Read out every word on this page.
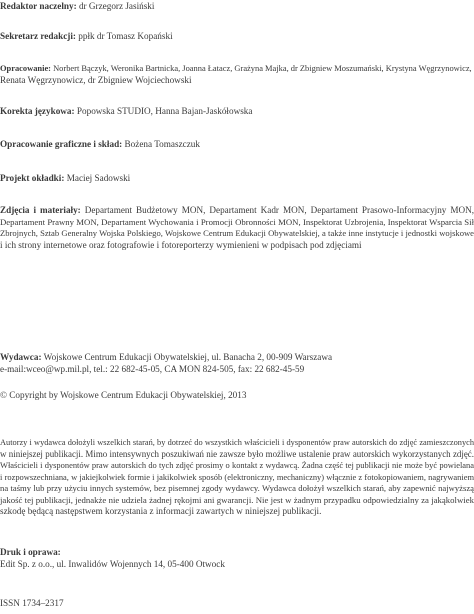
Redaktor naczelny: dr Grzegorz Jasiński

Sekretarz redakcji: ppłk dr Tomasz Kopański

Opracowanie: Norbert Bączyk, Weronika Bartnicka, Joanna Łatacz, Grażyna Majka, dr Zbigniew Moszumański, Krystyna Węgrzynowicz,

Renata Węgrzynowicz, dr Zbigniew Wojciechowski

Korekta językowa: Popowska STUDIO, Hanna Bajan-Jaskółowska

Opracowanie graficzne i skład: Bożena Tomaszczuk

Projekt okładki: Maciej Sadowski

Zdjęcia i materiały: Departament Budżetowy MON, Departament Kadr MON, Departament Prasowo-Informacyjny MON,
Departament Prawny MON, Departament Wychowania i Promocji Obronności MON, Inspektorat Uzbrojenia, Inspektorat Wsparcia Sił
Zbrojnych, Sztab Generalny Wojska Polskiego, Wojskowe Centrum Edukacji Obywatelskiej, a także inne instytucje i jednostki wojskowe
i ich strony internetowe oraz fotografowie i fotoreporterzy wymienieni w podpisach pod zdjęciami

Wydawca: Wojskowe Centrum Edukacji Obywatelskiej, ul. Banacha 2, 00-909 Warszawa

e-mail:wceo@wp.mil.pl, tel.: 22 682-45-05, CA MON 824-505, fax: 22 682-45-59

© Copyright by Wojskowe Centrum Edukacji Obywatelskiej, 2013

Autorzy i wydawca dołożyli wszelkich starań, by dotrzeć do wszystkich właścicieli i dysponentów praw autorskich do zdjęć zamieszczonych
w niniejszej publikacji. Mimo intensywnych poszukiwań nie zawsze było możliwe ustalenie praw autorskich wykorzystanych zdjęć.
Właścicieli i dysponentów praw autorskich do tych zdjęć prosimy o kontakt z wydawcą. Żadna część tej publikacji nie może być powielana
i rozpowszechniana, w jakiejkolwiek formie i jakikolwiek sposób (elektroniczny, mechaniczny) włącznie z fotokopiowaniem, nagrywaniem
na taśmy lub przy użyciu innych systemów, bez pisemnej zgody wydawcy. Wydawca dołożył wszelkich starań, aby zapewnić najwyższą
jakość tej publikacji, jednakże nie udziela żadnej rękojmi ani gwarancji. Nie jest w żadnym przypadku odpowiedzialny za jakąkolwiek
szkodę będącą następstwem korzystania z informacji zawartych w niniejszej publikacji.

Druk i oprawa:

Edit Sp. z o.o., ul. Inwalidów Wojennych 14, 05-400 Otwock

ISSN 1734–2317
